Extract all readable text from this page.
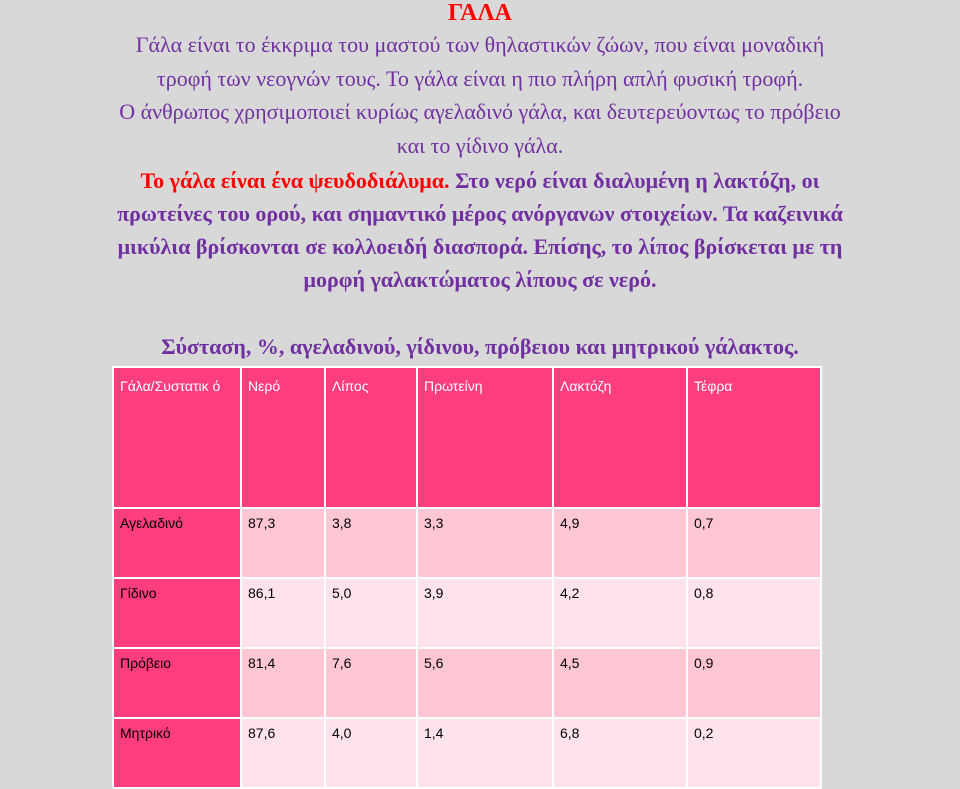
ΓΑΛΑ
Γάλα είναι το έκκριμα του μαστού των θηλαστικών ζώων, που είναι μοναδική
τροφή των νεογνών τους. Το γάλα είναι η πιο πλήρη απλή φυσική τροφή.
Ο άνθρωπος χρησιμοποιεί κυρίως αγελαδινό γάλα, και δευτερεύοντως το πρόβειο
και το γίδινο γάλα.
Το γάλα είναι ένα ψευδοδιάλυμα. Στο νερό είναι διαλυμένη η λακτόζη, οι
πρωτείνες του ορού, και σημαντικό μέρος ανόργανων στοιχείων. Τα καζεινικά
μικύλια βρίσκονται σε κολλοειδή διασπορά. Επίσης, το λίπος βρίσκεται με τη
μορφή γαλακτώματος λίπους σε νερό.
Σύσταση, %, αγελαδινού, γίδινου, πρόβειου και μητρικού γάλακτος.
Γάλα/Συστατικ ό	Νερό	Λίπος	Πρωτείνη	Λακτόζη	Τέφρα
Αγελαδινό	87,3	3,8	3,3	4,9	0,7
Γίδινο	86,1	5,0	3,9	4,2	0,8
Πρόβειο	81,4	7,6	5,6	4,5	0,9
Μητρικό	87,6	4,0	1,4	6,8	0,2
